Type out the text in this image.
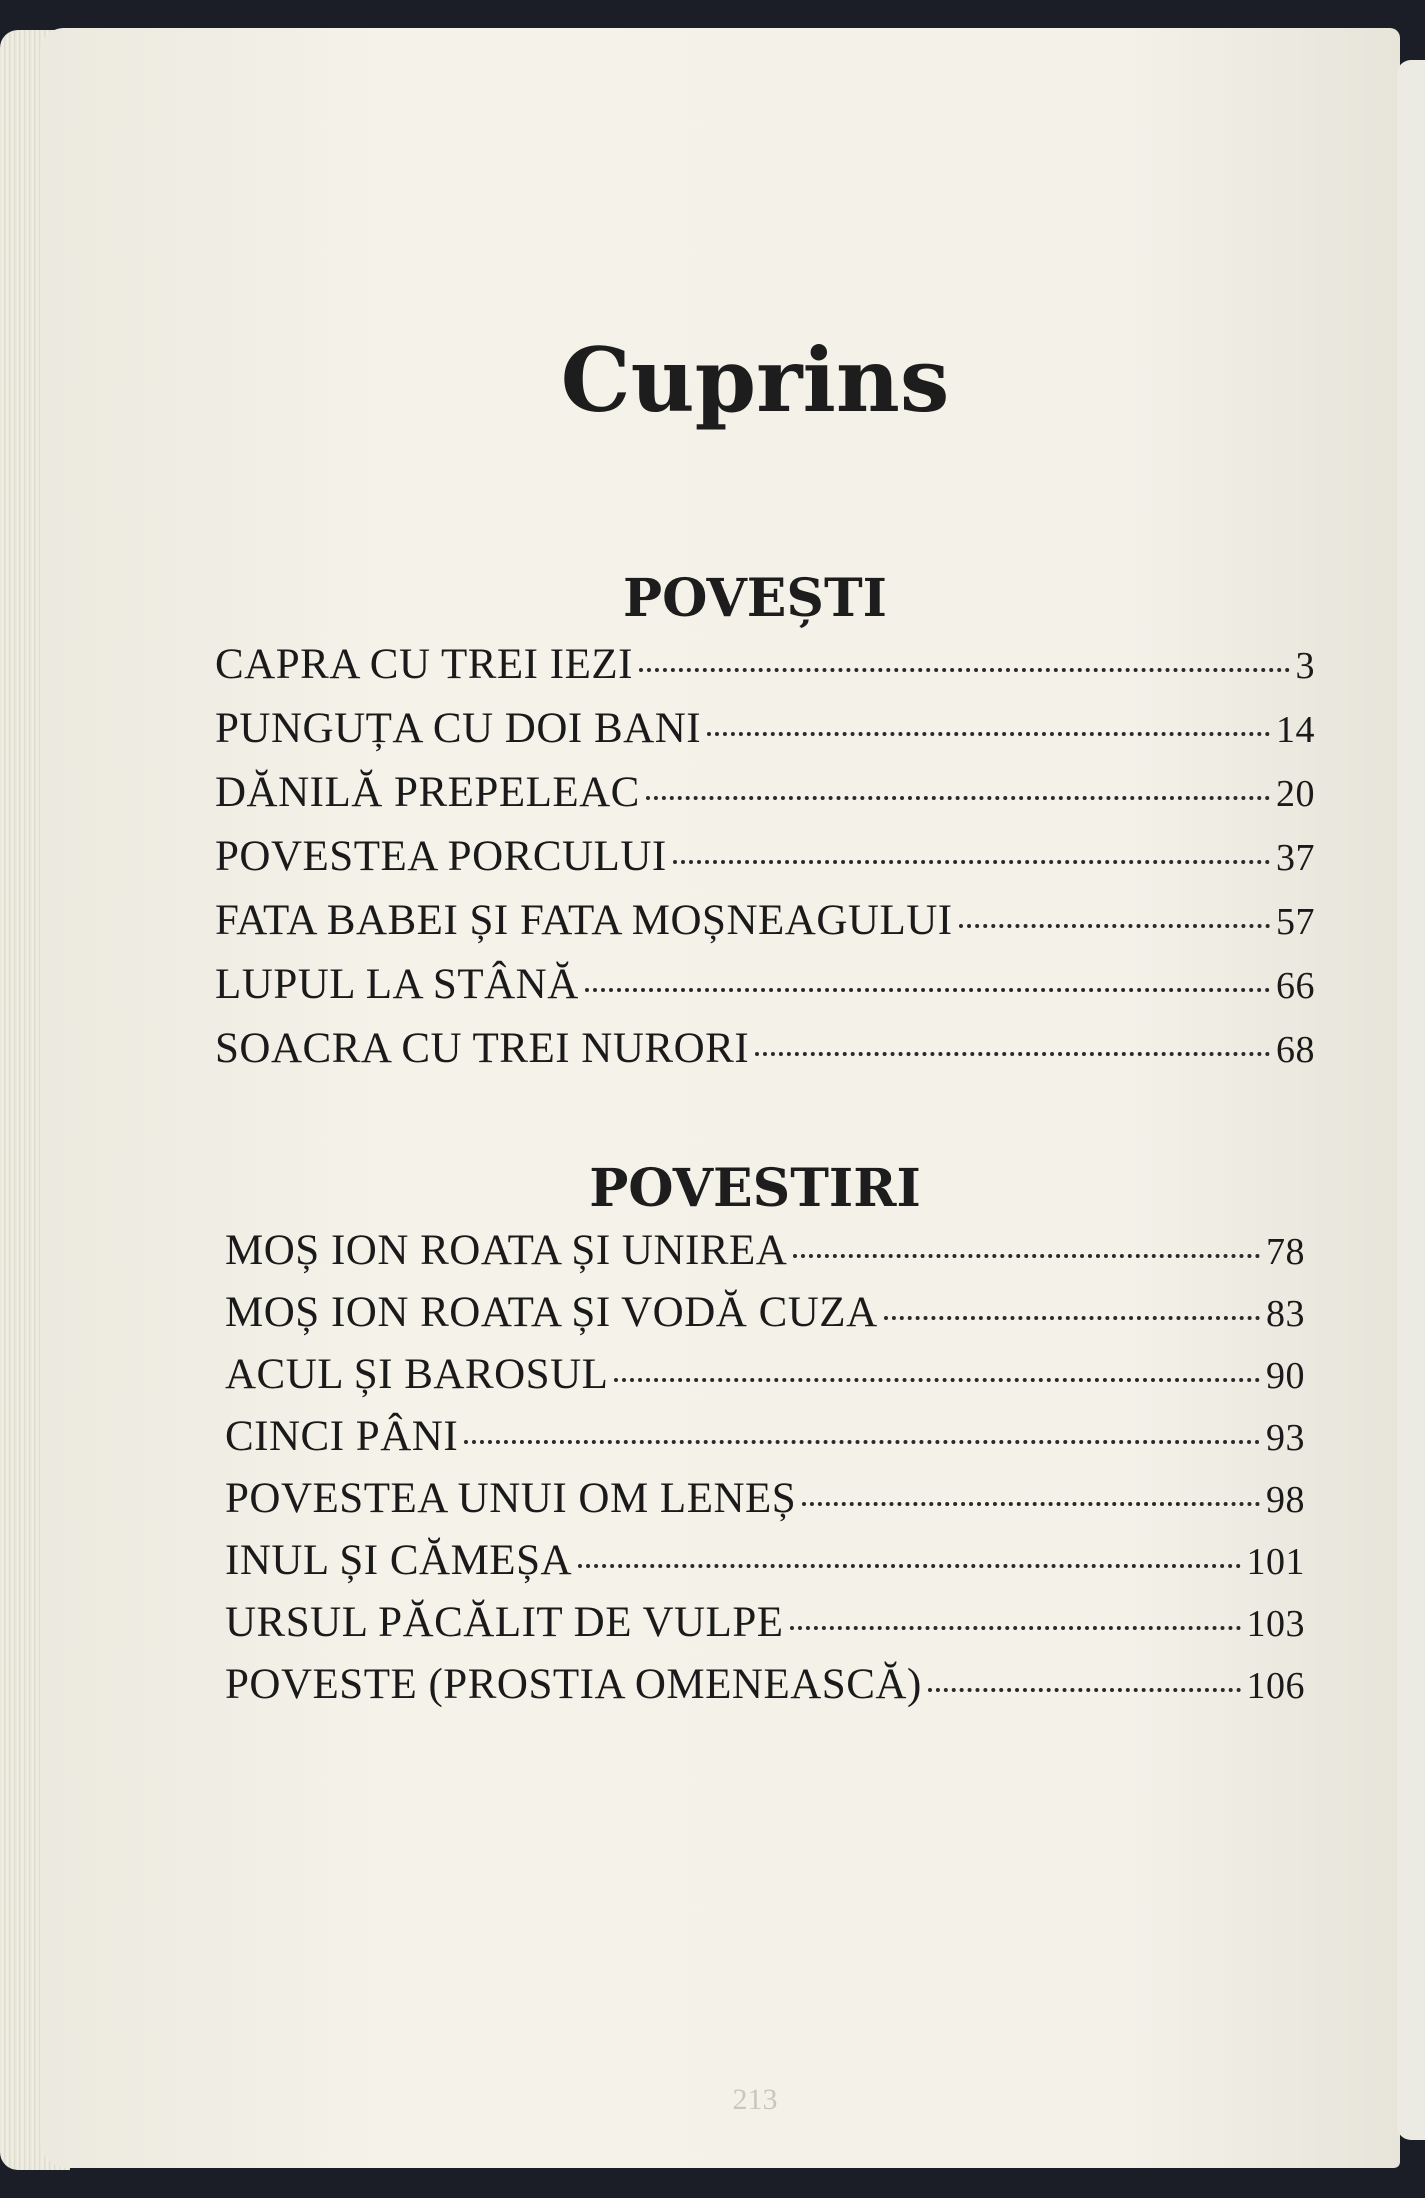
Cuprins
POVEȘTI
CAPRA CU TREI IEZI	3
PUNGUȚA CU DOI BANI	14
DĂNILĂ PREPELEAC	20
POVESTEA PORCULUI	37
FATA BABEI ȘI FATA MOȘNEAGULUI	57
LUPUL LA STÂNĂ	66
SOACRA CU TREI NURORI	68
POVESTIRI
MOȘ ION ROATA ȘI UNIREA	78
MOȘ ION ROATA ȘI VODĂ CUZA	83
ACUL ȘI BAROSUL	90
CINCI PÂNI	93
POVESTEA UNUI OM LENEȘ	98
INUL ȘI CĂMEȘA	101
URSUL PĂCĂLIT DE VULPE	103
POVESTE (PROSTIA OMENEASCĂ)	106
213
